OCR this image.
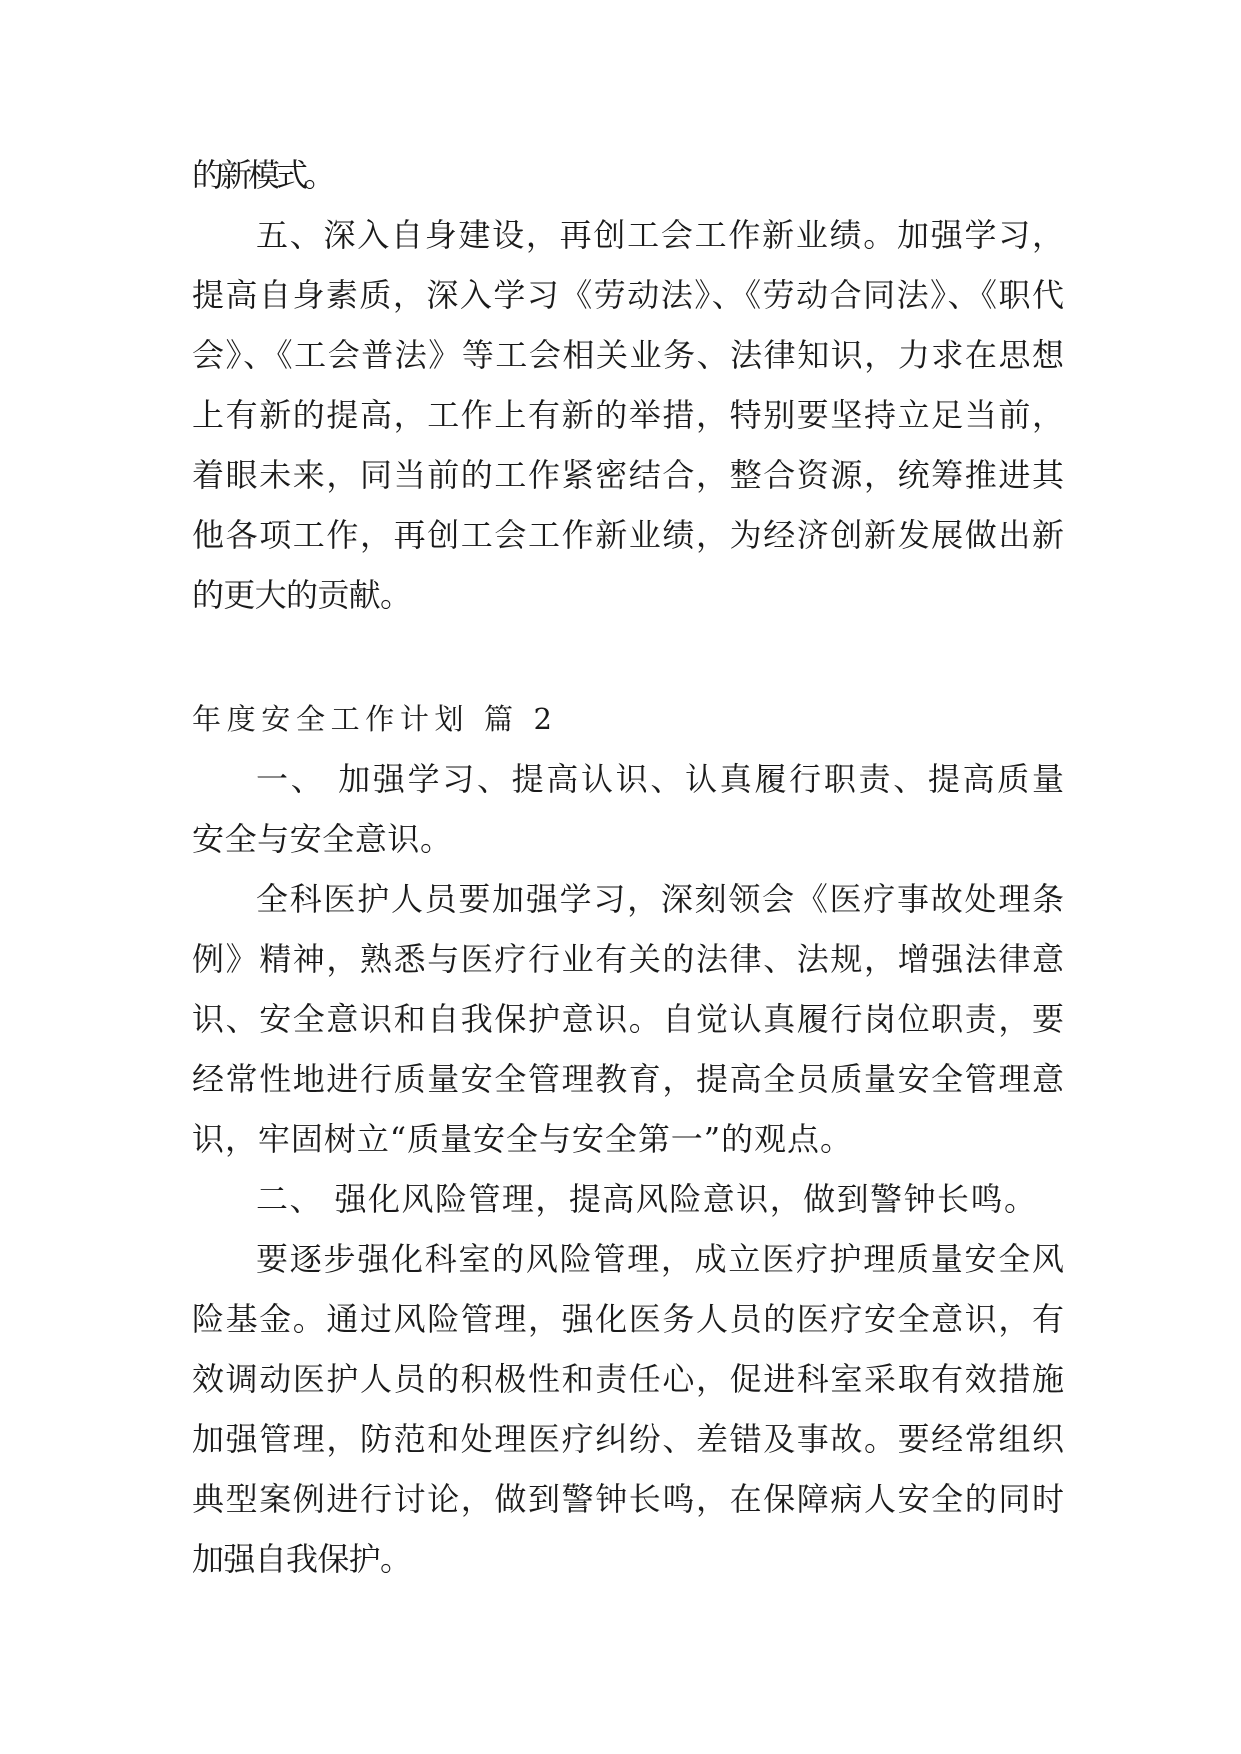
的新模式。
五、深入自身建设，再创工会工作新业绩。加强学习，
提高自身素质，深入学习《劳动法》、《劳动合同法》、《职代
会》、《工会普法》等工会相关业务、法律知识，力求在思想
上有新的提高，工作上有新的举措，特别要坚持立足当前，
着眼未来，同当前的工作紧密结合，整合资源，统筹推进其
他各项工作，再创工会工作新业绩，为经济创新发展做出新
的更大的贡献。
年度安全工作计划 篇 2
一、 加强学习、提高认识、认真履行职责、提高质量
安全与安全意识。
全科医护人员要加强学习，深刻领会《医疗事故处理条
例》精神，熟悉与医疗行业有关的法律、法规，增强法律意
识、安全意识和自我保护意识。自觉认真履行岗位职责，要
经常性地进行质量安全管理教育，提高全员质量安全管理意
识，牢固树立“质量安全与安全第一”的观点。
二、 强化风险管理，提高风险意识，做到警钟长鸣。
要逐步强化科室的风险管理，成立医疗护理质量安全风
险基金。通过风险管理，强化医务人员的医疗安全意识，有
效调动医护人员的积极性和责任心，促进科室采取有效措施
加强管理，防范和处理医疗纠纷、差错及事故。要经常组织
典型案例进行讨论，做到警钟长鸣，在保障病人安全的同时
加强自我保护。
